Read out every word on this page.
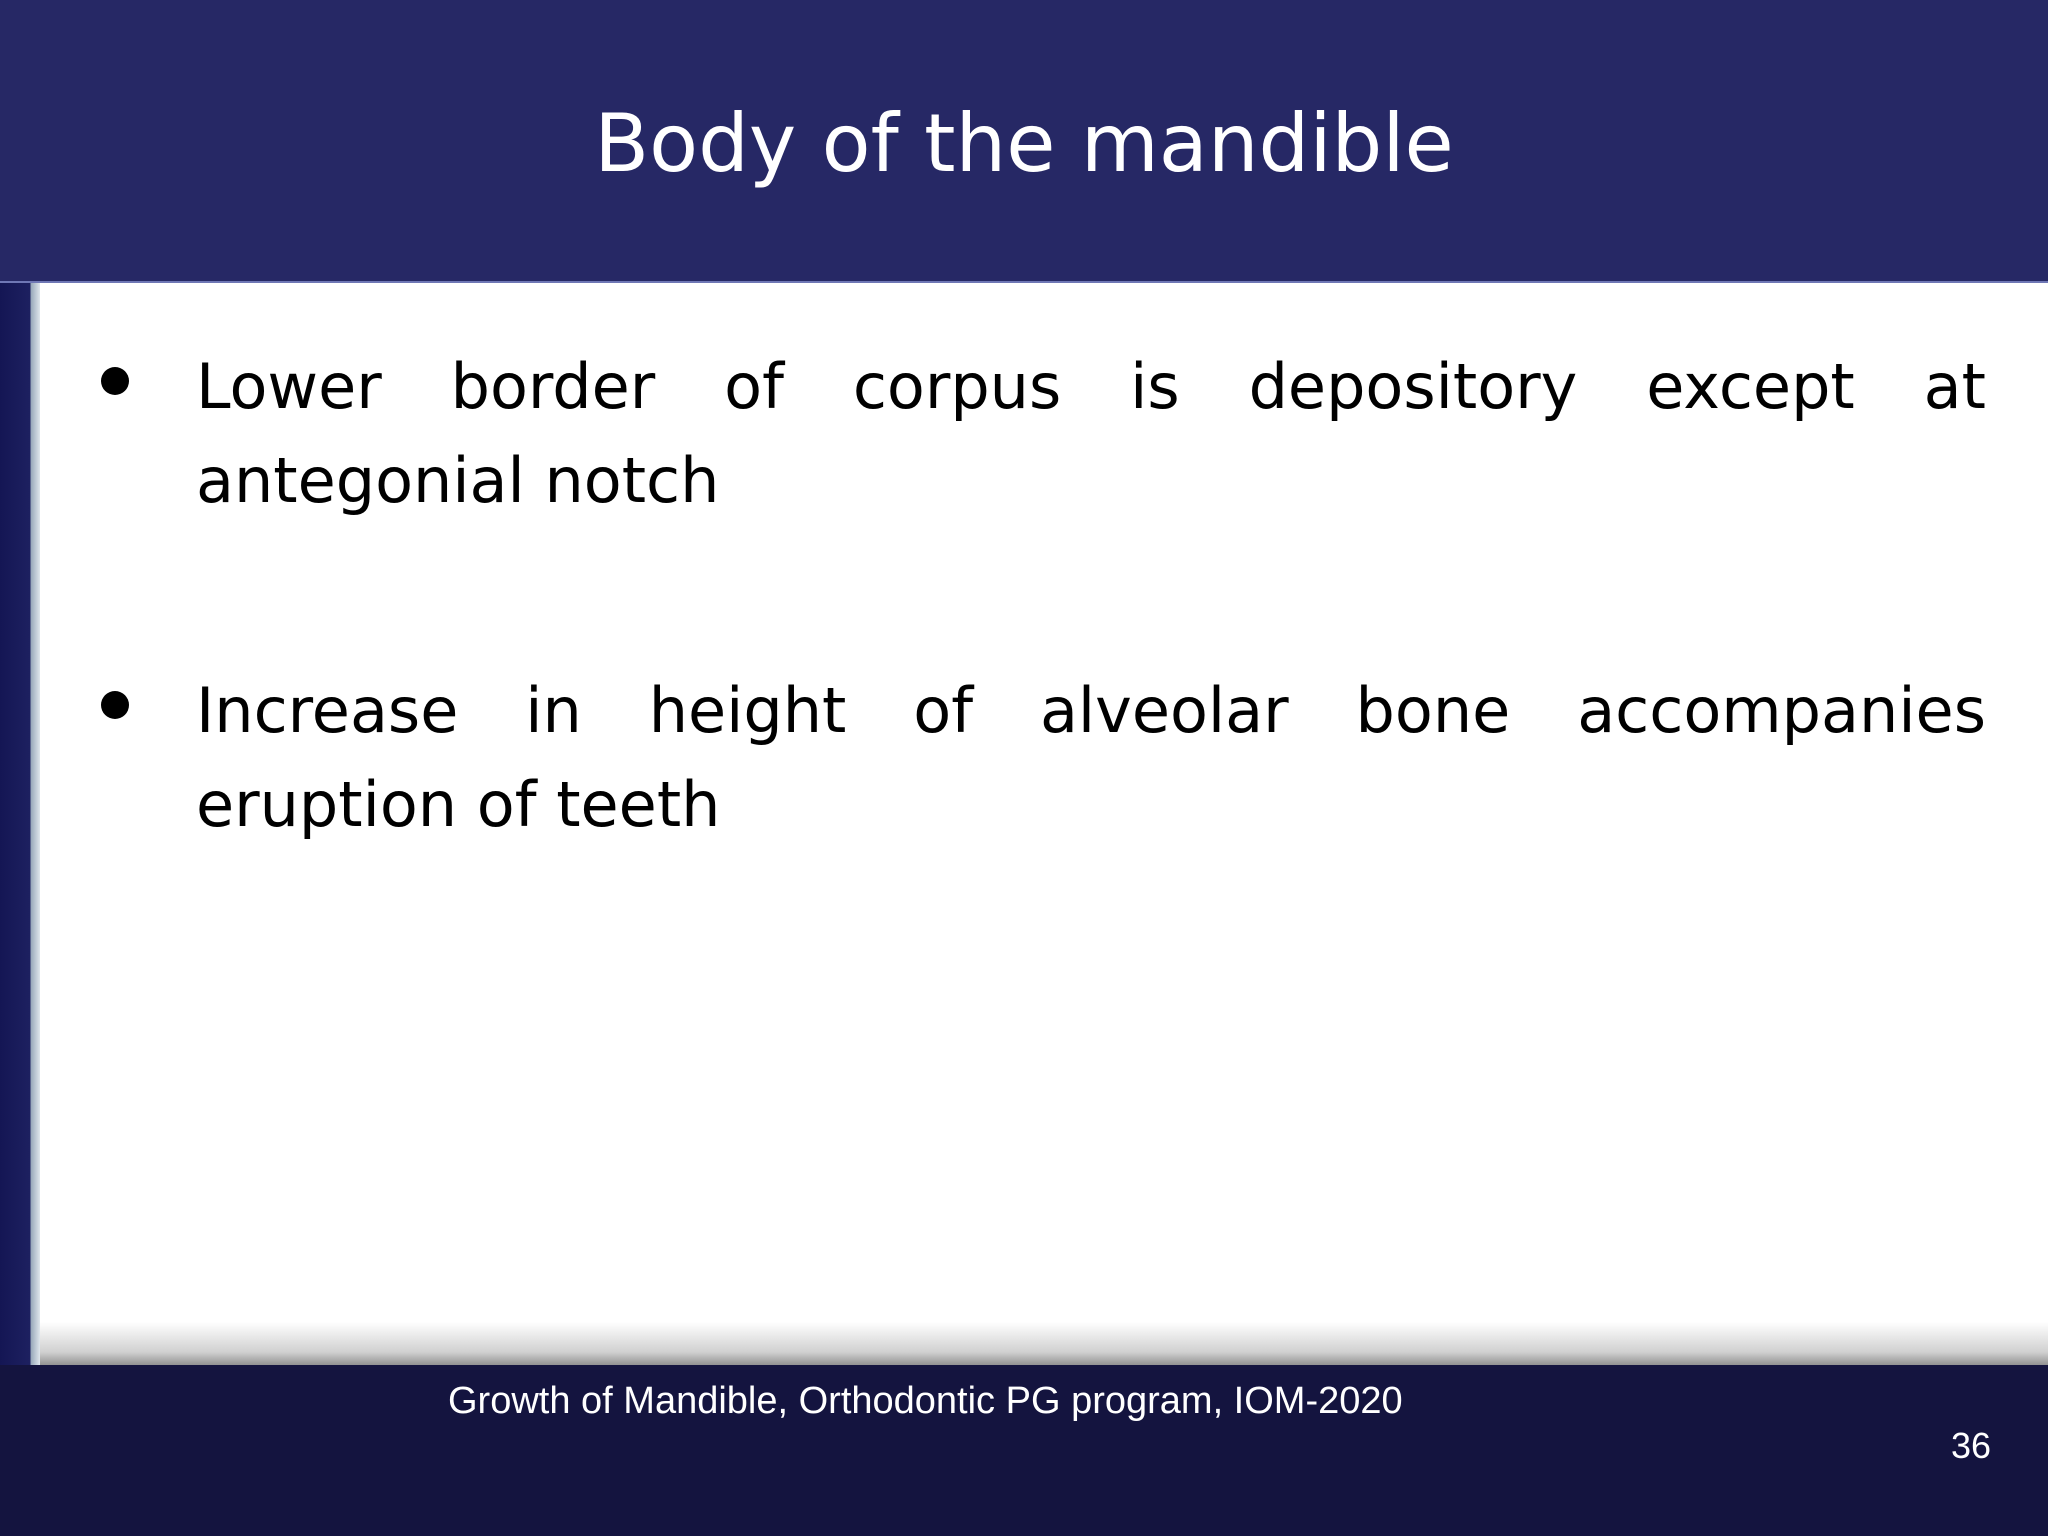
Body of the mandible
Lower border of corpus is depository except at
antegonial notch
Increase in height of alveolar bone accompanies
eruption of teeth
Growth of Mandible, Orthodontic PG program, IOM-2020
36
